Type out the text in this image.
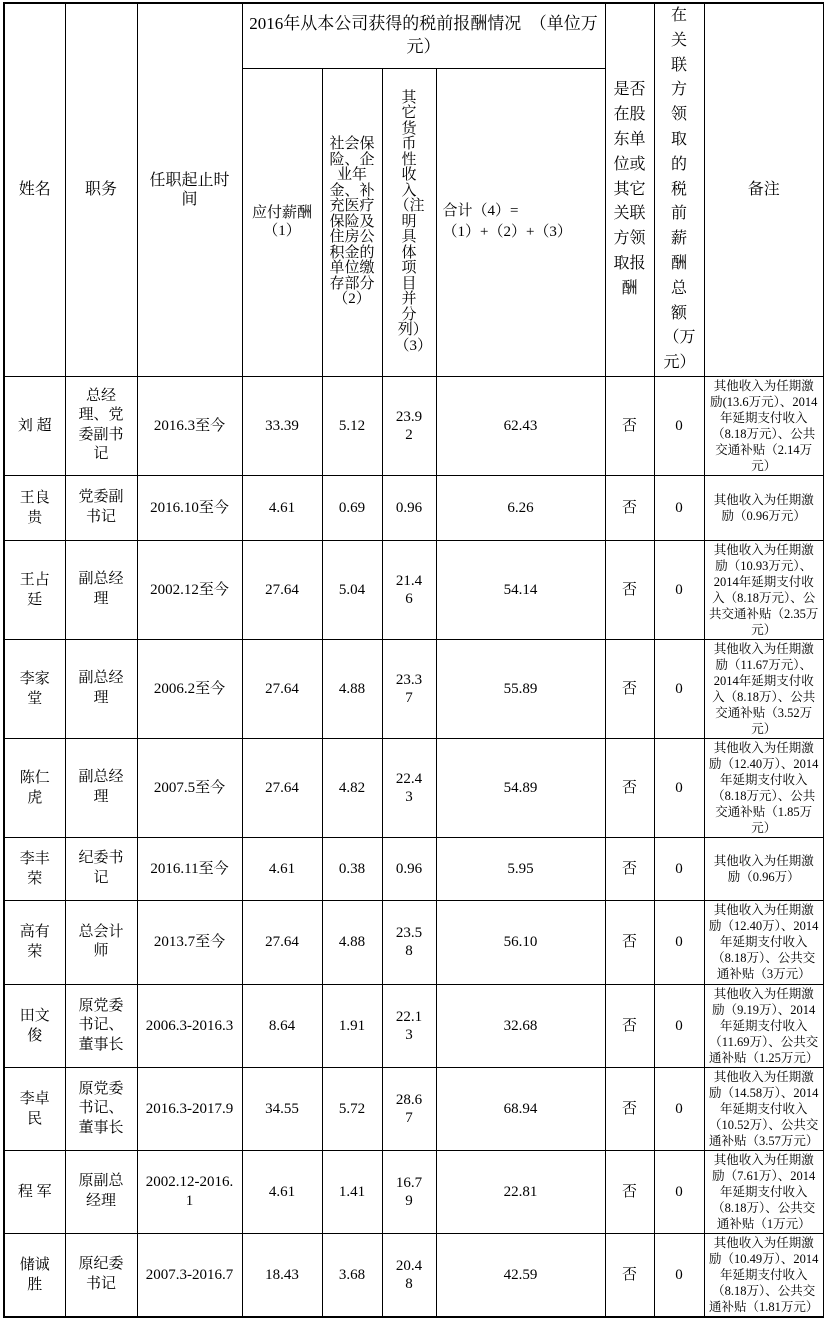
姓名	职务	任职起止时间	2016年从本公司获得的税前报酬情况　（单位万元）				是否在股东单位或其它关联方领取报酬	在关联方领取的税前薪酬总额（万元）	备注
			应付薪酬（1）	社会保险、企业年金、补充医疗保险及住房公积金的单位缴存部分（2）	其它货币性收入（注明具体项目并分列）（3）	合计（4）=（1）+（2）+（3）			
刘 超	总经理、党委副书记	2016.3至今	33.39	5.12	23.92	62.43	否	0	其他收入为任期激励(13.6万元）、2014年延期支付收入（8.18万元）、公共交通补贴（2.14万元）
王良贵	党委副书记	2016.10至今	4.61	0.69	0.96	6.26	否	0	其他收入为任期激励（0.96万元）
王占廷	副总经理	2002.12至今	27.64	5.04	21.46	54.14	否	0	其他收入为任期激励（10.93万元）、2014年延期支付收入（8.18万元）、公共交通补贴（2.35万元）
李家堂	副总经理	2006.2至今	27.64	4.88	23.37	55.89	否	0	其他收入为任期激励（11.67万元）、2014年延期支付收入（8.18万）、公共交通补贴（3.52万元）
陈仁虎	副总经理	2007.5至今	27.64	4.82	22.43	54.89	否	0	其他收入为任期激励（12.40万）、2014年延期支付收入（8.18万元）、公共交通补贴（1.85万元）
李丰荣	纪委书记	2016.11至今	4.61	0.38	0.96	5.95	否	0	其他收入为任期激励（0.96万）
高有荣	总会计师	2013.7至今	27.64	4.88	23.58	56.10	否	0	其他收入为任期激励（12.40万）、2014年延期支付收入（8.18万）、公共交通补贴（3万元）
田文俊	原党委书记、董事长	2006.3-2016.3	8.64	1.91	22.13	32.68	否	0	其他收入为任期激励（9.19万）、2014年延期支付收入（11.69万）、公共交通补贴（1.25万元）
李卓民	原党委书记、董事长	2016.3-2017.9	34.55	5.72	28.67	68.94	否	0	其他收入为任期激励（14.58万）、2014年延期支付收入（10.52万）、公共交通补贴（3.57万元）
程 军	原副总经理	2002.12-2016.1	4.61	1.41	16.79	22.81	否	0	其他收入为任期激励（7.61万）、2014年延期支付收入（8.18万）、公共交通补贴（1万元）
储诚胜	原纪委书记	2007.3-2016.7	18.43	3.68	20.48	42.59	否	0	其他收入为任期激励（10.49万）、2014年延期支付收入（8.18万）、公共交通补贴（1.81万元）
